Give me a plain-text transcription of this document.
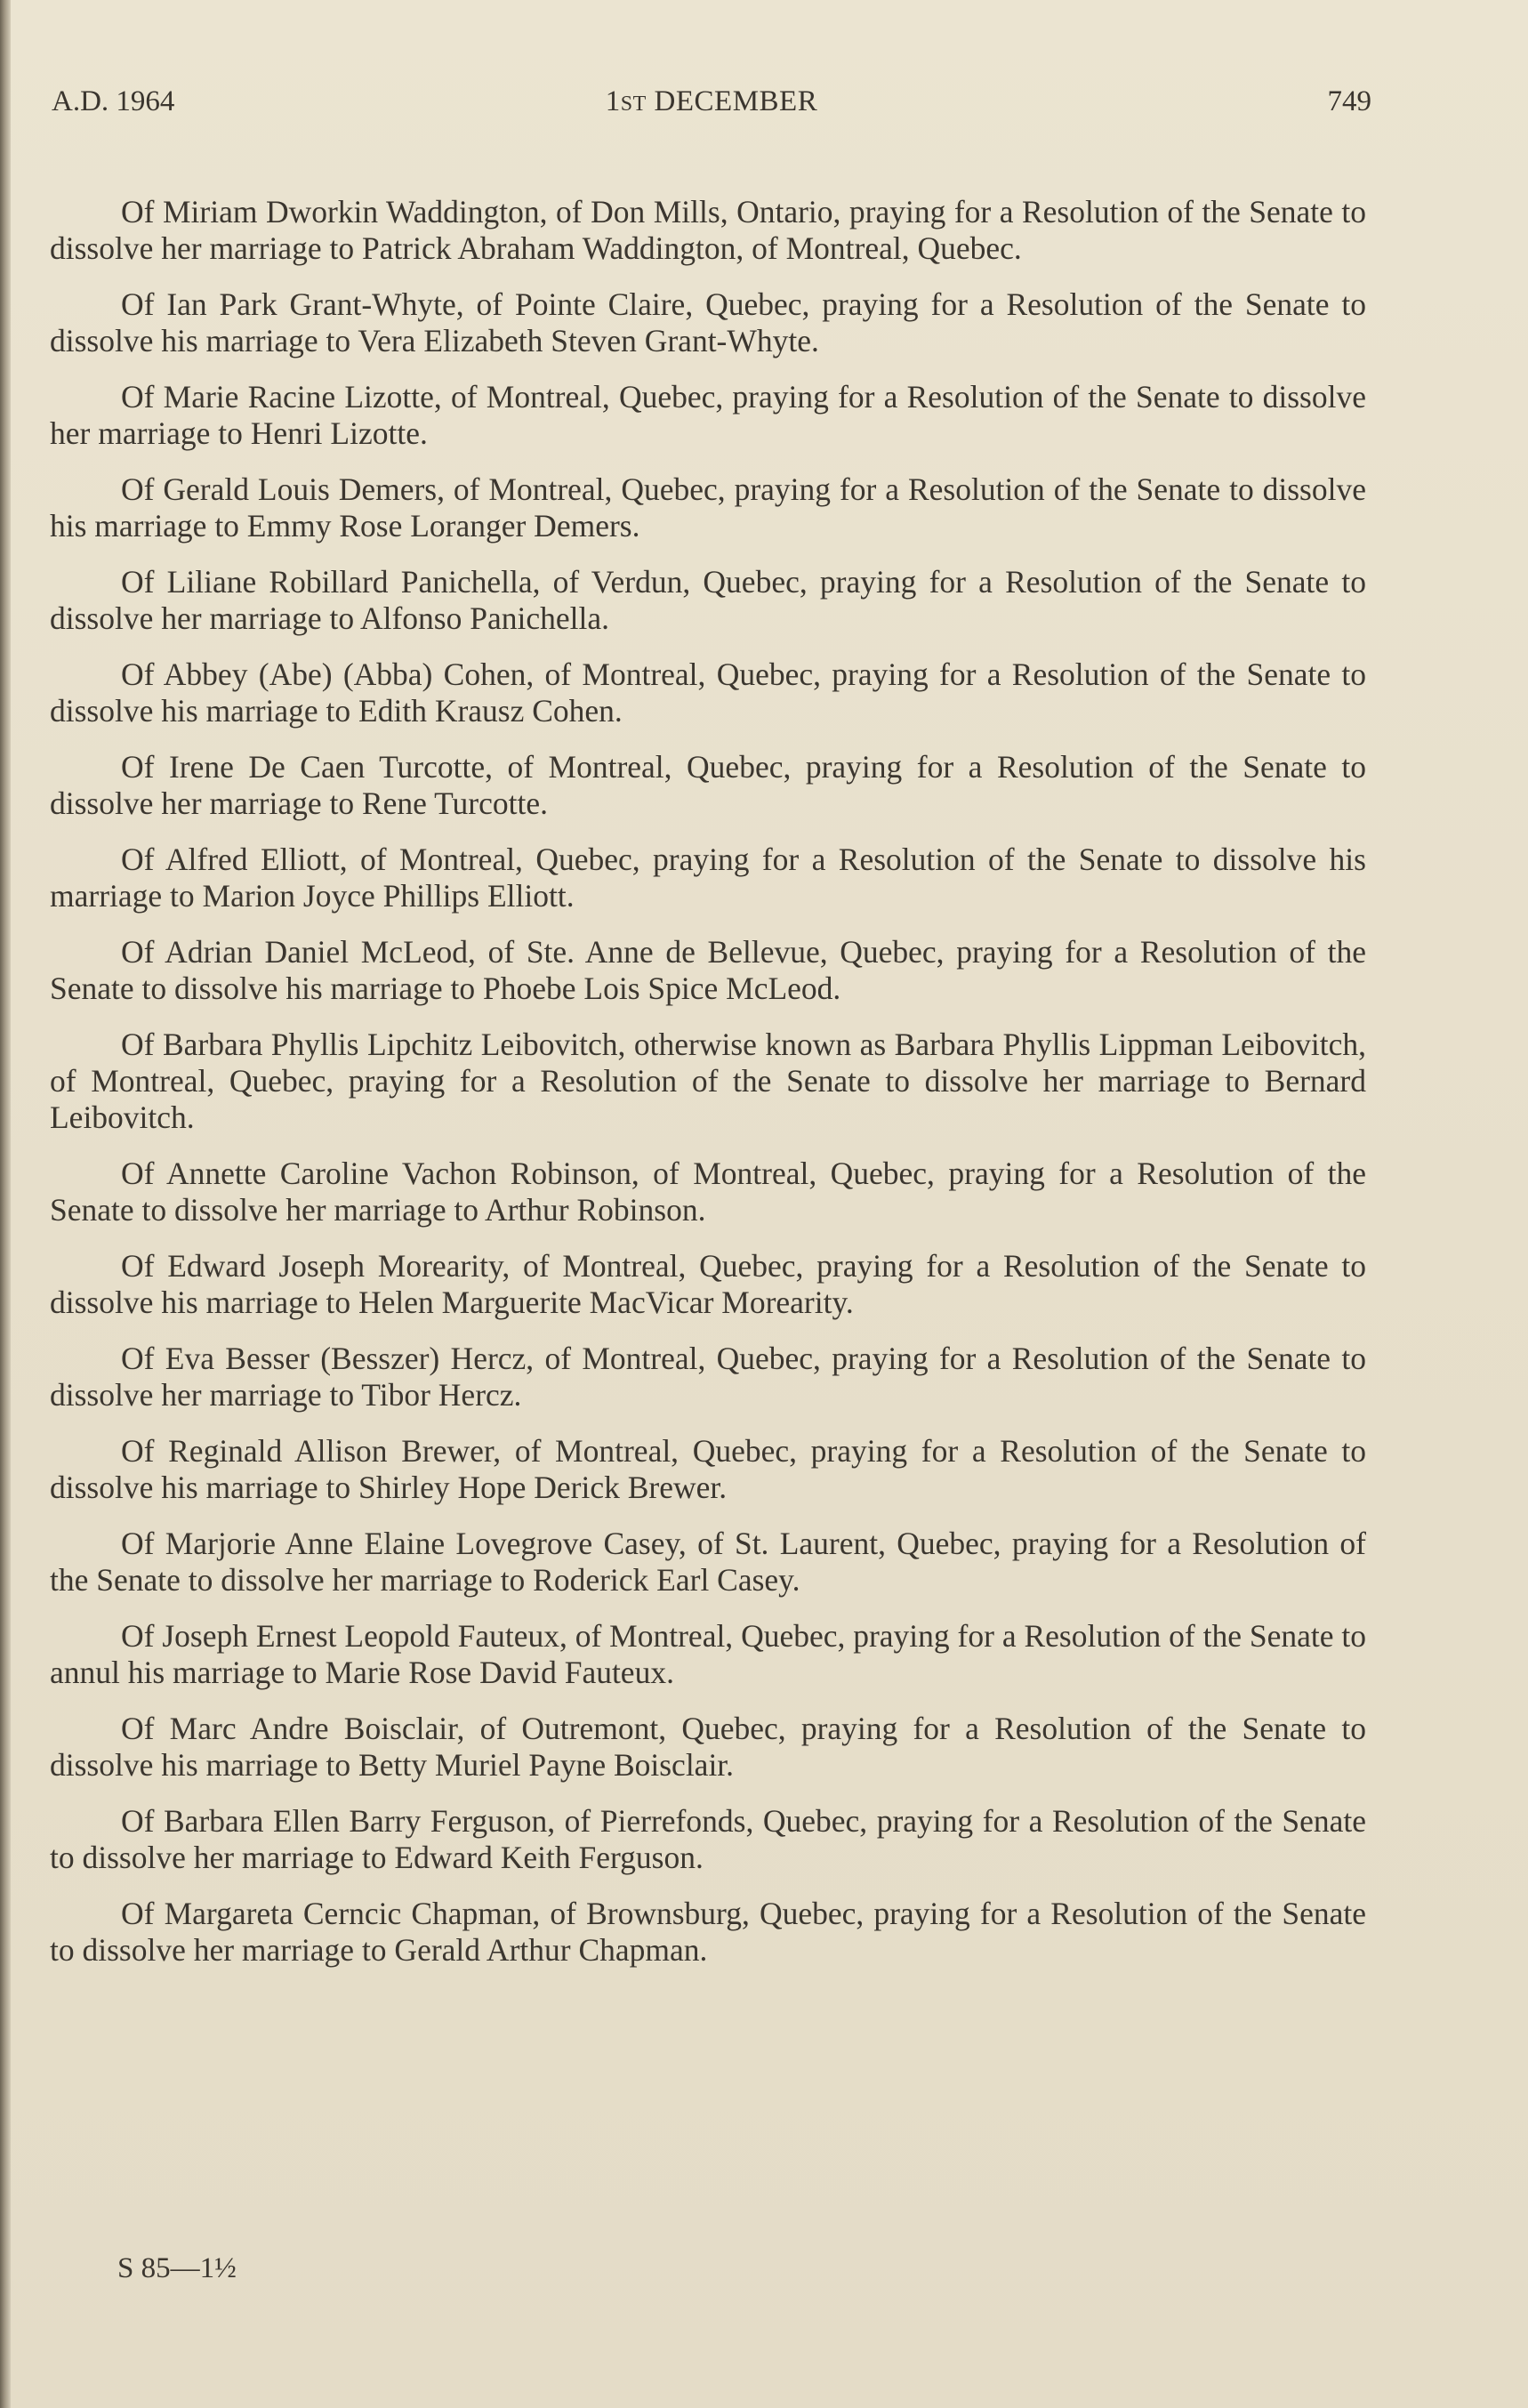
A.D. 1964	1ST DECEMBER	749

Of Miriam Dworkin Waddington, of Don Mills, Ontario, praying for a Resolution of the Senate to dissolve her marriage to Patrick Abraham Waddington, of Montreal, Quebec.

Of Ian Park Grant-Whyte, of Pointe Claire, Quebec, praying for a Resolution of the Senate to dissolve his marriage to Vera Elizabeth Steven Grant-Whyte.

Of Marie Racine Lizotte, of Montreal, Quebec, praying for a Resolution of the Senate to dissolve her marriage to Henri Lizotte.

Of Gerald Louis Demers, of Montreal, Quebec, praying for a Resolution of the Senate to dissolve his marriage to Emmy Rose Loranger Demers.

Of Liliane Robillard Panichella, of Verdun, Quebec, praying for a Resolution of the Senate to dissolve her marriage to Alfonso Panichella.

Of Abbey (Abe) (Abba) Cohen, of Montreal, Quebec, praying for a Resolution of the Senate to dissolve his marriage to Edith Krausz Cohen.

Of Irene De Caen Turcotte, of Montreal, Quebec, praying for a Resolution of the Senate to dissolve her marriage to Rene Turcotte.

Of Alfred Elliott, of Montreal, Quebec, praying for a Resolution of the Senate to dissolve his marriage to Marion Joyce Phillips Elliott.

Of Adrian Daniel McLeod, of Ste. Anne de Bellevue, Quebec, praying for a Resolution of the Senate to dissolve his marriage to Phoebe Lois Spice McLeod.

Of Barbara Phyllis Lipchitz Leibovitch, otherwise known as Barbara Phyllis Lippman Leibovitch, of Montreal, Quebec, praying for a Resolution of the Senate to dissolve her marriage to Bernard Leibovitch.

Of Annette Caroline Vachon Robinson, of Montreal, Quebec, praying for a Resolution of the Senate to dissolve her marriage to Arthur Robinson.

Of Edward Joseph Morearity, of Montreal, Quebec, praying for a Resolution of the Senate to dissolve his marriage to Helen Marguerite MacVicar Morearity.

Of Eva Besser (Besszer) Hercz, of Montreal, Quebec, praying for a Resolution of the Senate to dissolve her marriage to Tibor Hercz.

Of Reginald Allison Brewer, of Montreal, Quebec, praying for a Resolution of the Senate to dissolve his marriage to Shirley Hope Derick Brewer.

Of Marjorie Anne Elaine Lovegrove Casey, of St. Laurent, Quebec, praying for a Resolution of the Senate to dissolve her marriage to Roderick Earl Casey.

Of Joseph Ernest Leopold Fauteux, of Montreal, Quebec, praying for a Resolution of the Senate to annul his marriage to Marie Rose David Fauteux.

Of Marc Andre Boisclair, of Outremont, Quebec, praying for a Resolution of the Senate to dissolve his marriage to Betty Muriel Payne Boisclair.

Of Barbara Ellen Barry Ferguson, of Pierrefonds, Quebec, praying for a Resolution of the Senate to dissolve her marriage to Edward Keith Ferguson.

Of Margareta Cerncic Chapman, of Brownsburg, Quebec, praying for a Resolution of the Senate to dissolve her marriage to Gerald Arthur Chapman.

S 85—1½
